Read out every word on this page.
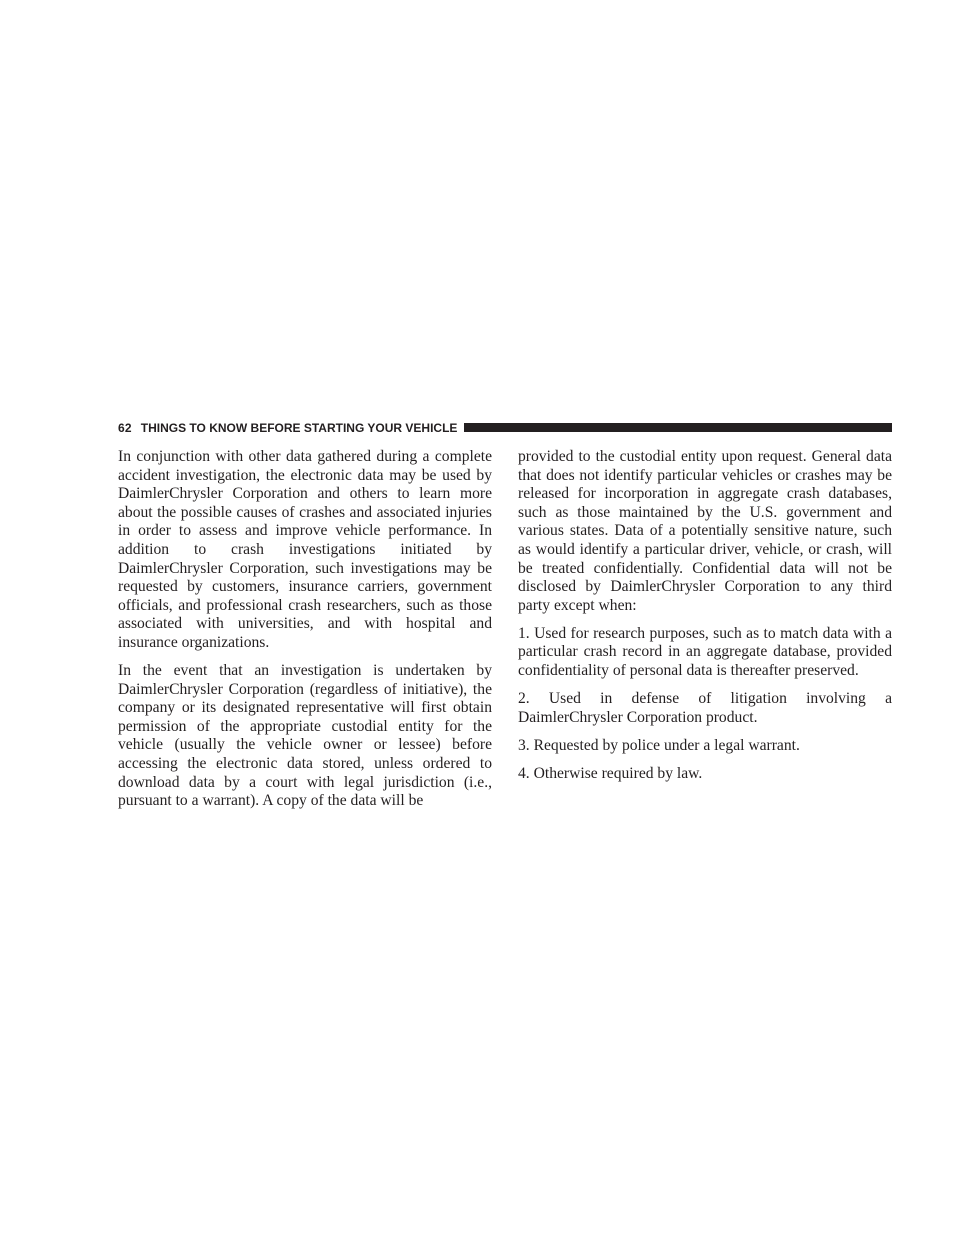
62 THINGS TO KNOW BEFORE STARTING YOUR VEHICLE

In conjunction with other data gathered during a complete accident investigation, the electronic data may be used by DaimlerChrysler Corporation and others to learn more about the possible causes of crashes and associated injuries in order to assess and improve vehicle performance. In addition to crash investigations initiated by DaimlerChrysler Corporation, such investigations may be requested by customers, insurance carriers, government officials, and professional crash researchers, such as those associated with universities, and with hospital and insurance organizations.

In the event that an investigation is undertaken by DaimlerChrysler Corporation (regardless of initiative), the company or its designated representative will first obtain permission of the appropriate custodial entity for the vehicle (usually the vehicle owner or lessee) before accessing the electronic data stored, unless ordered to download data by a court with legal jurisdiction (i.e., pursuant to a warrant). A copy of the data will be

provided to the custodial entity upon request. General data that does not identify particular vehicles or crashes may be released for incorporation in aggregate crash databases, such as those maintained by the U.S. government and various states. Data of a potentially sensitive nature, such as would identify a particular driver, vehicle, or crash, will be treated confidentially. Confidential data will not be disclosed by DaimlerChrysler Corporation to any third party except when:

1. Used for research purposes, such as to match data with a particular crash record in an aggregate database, provided confidentiality of personal data is thereafter preserved.

2. Used in defense of litigation involving a DaimlerChrysler Corporation product.

3. Requested by police under a legal warrant.

4. Otherwise required by law.
